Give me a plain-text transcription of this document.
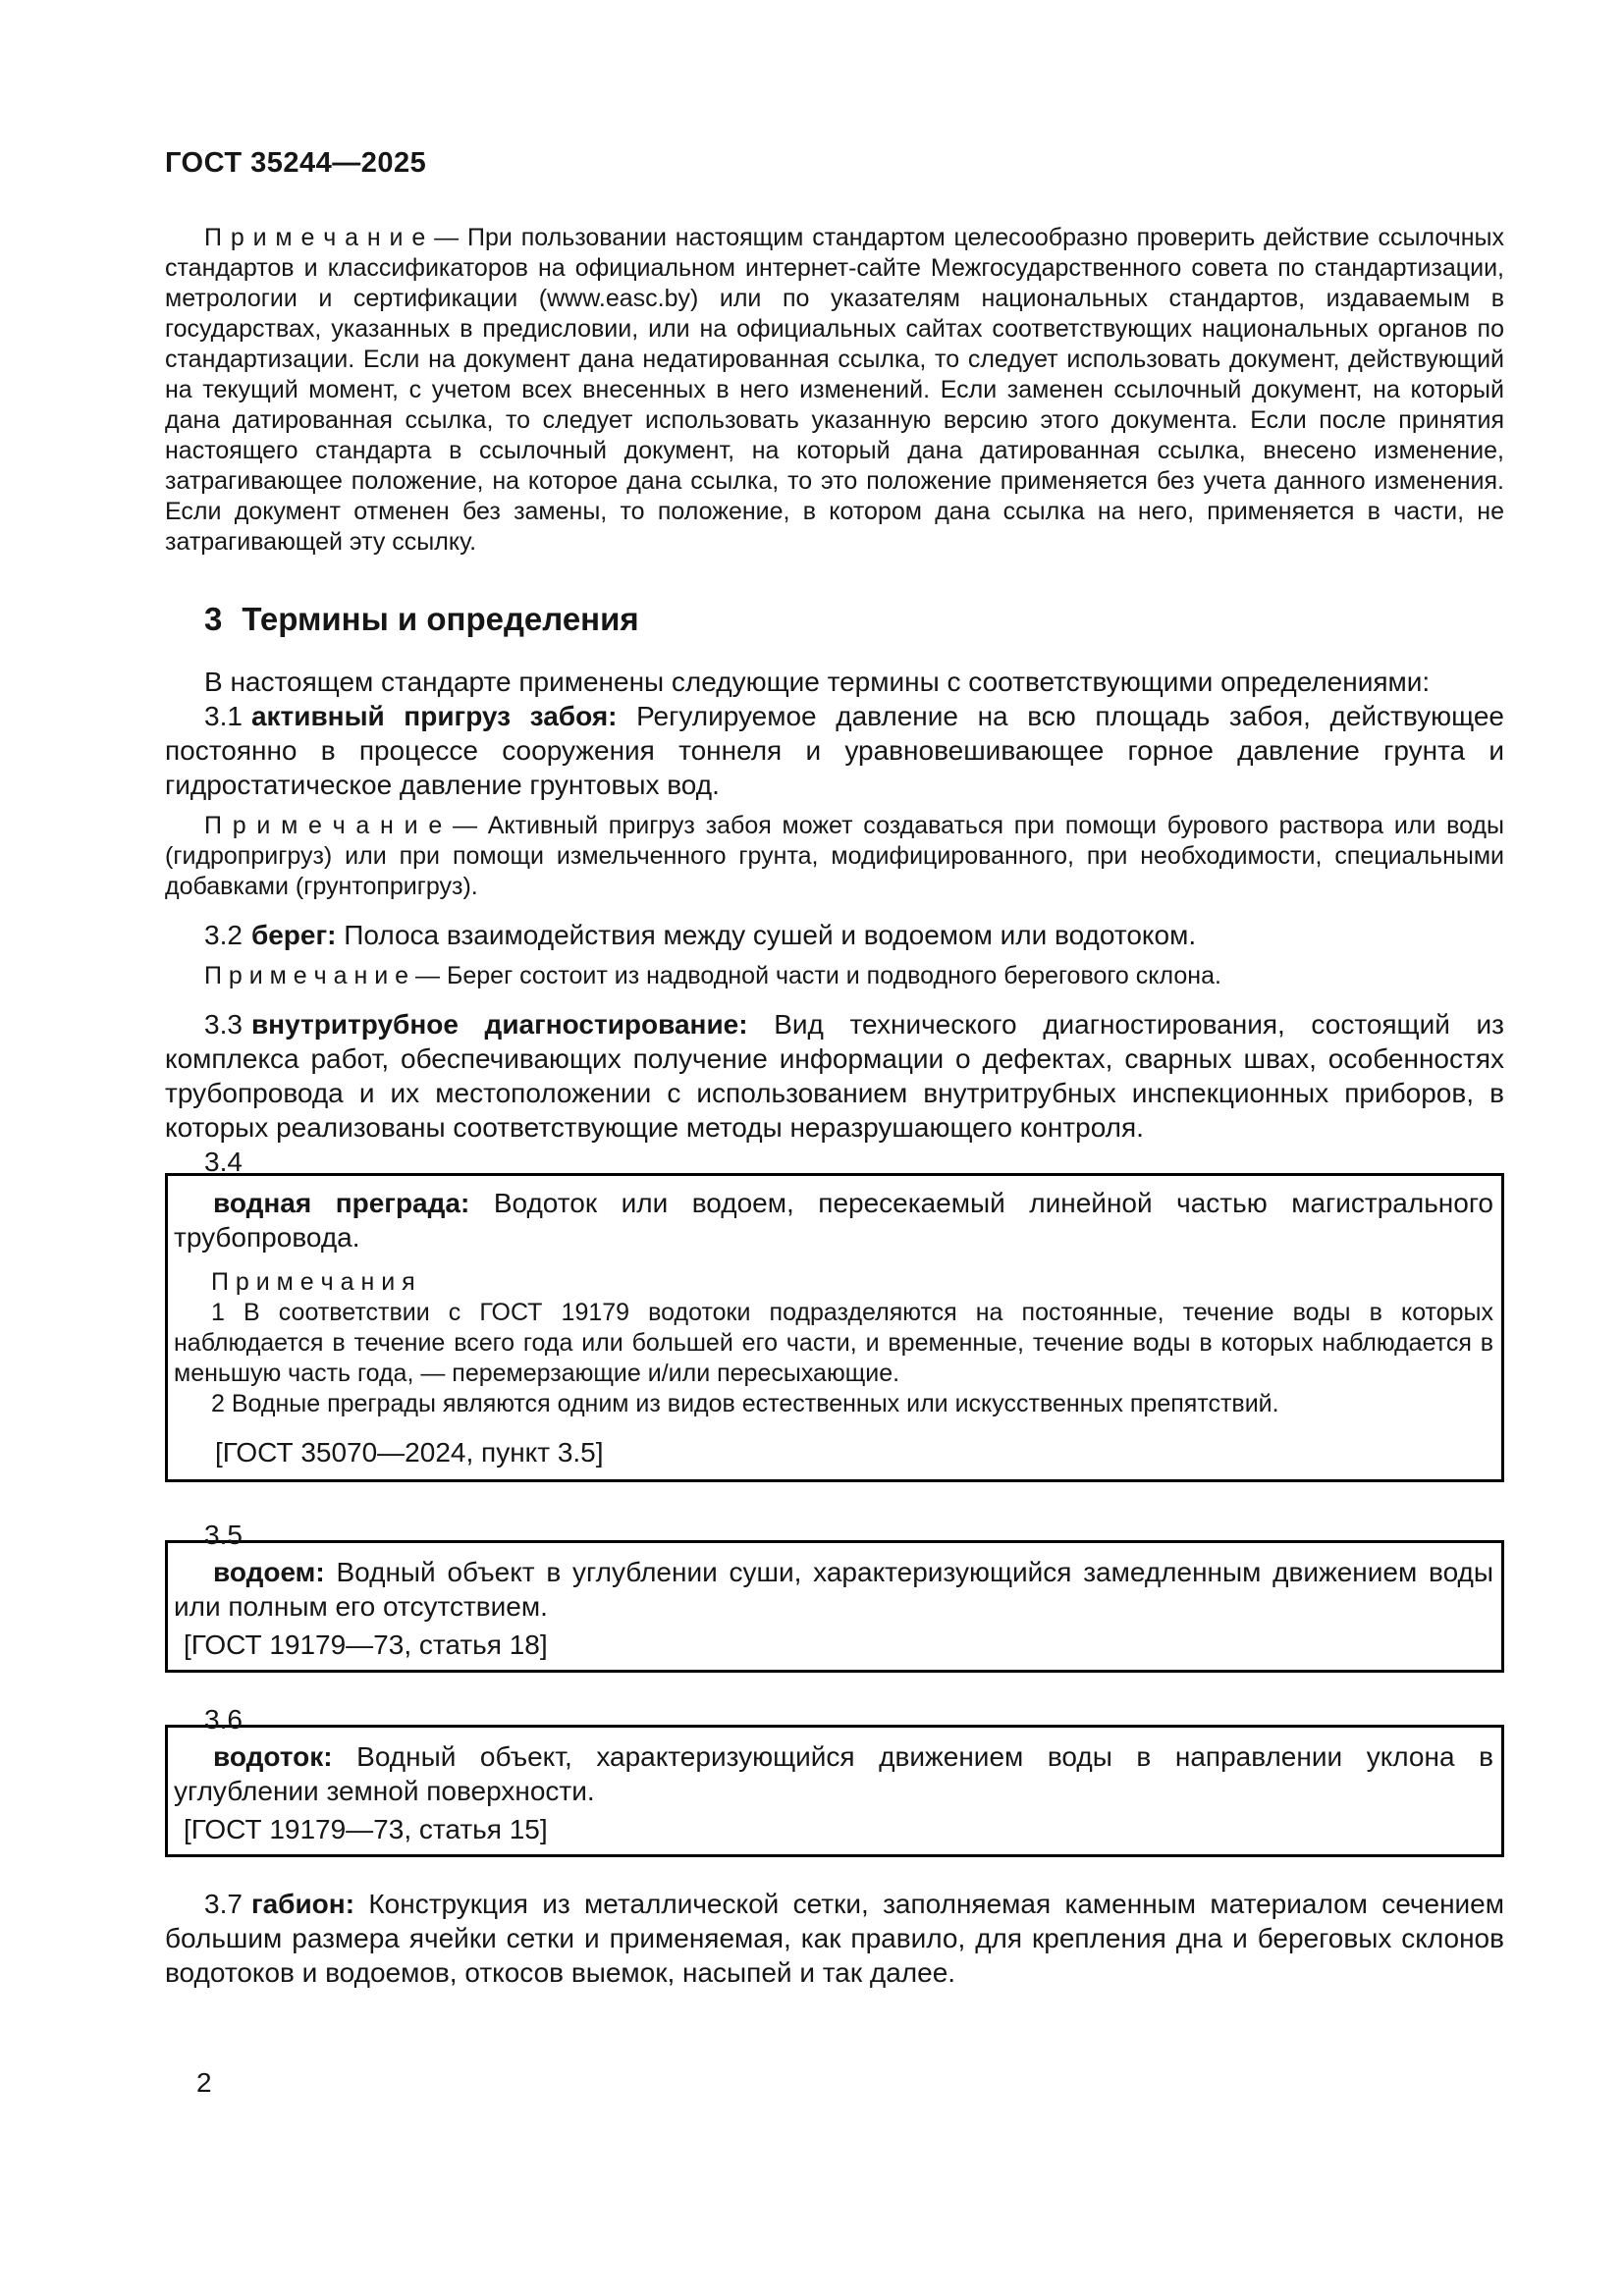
ГОСТ 35244—2025

П р и м е ч а н и е — При пользовании настоящим стандартом целесообразно проверить действие ссылочных стандартов и классификаторов на официальном интернет-сайте Межгосударственного совета по стандартизации, метрологии и сертификации (www.easc.by) или по указателям национальных стандартов, издаваемым в государствах, указанных в предисловии, или на официальных сайтах соответствующих национальных органов по стандартизации. Если на документ дана недатированная ссылка, то следует использовать документ, действующий на текущий момент, с учетом всех внесенных в него изменений. Если заменен ссылочный документ, на который дана датированная ссылка, то следует использовать указанную версию этого документа. Если после принятия настоящего стандарта в ссылочный документ, на который дана датированная ссылка, внесено изменение, затрагивающее положение, на которое дана ссылка, то это положение применяется без учета данного изменения. Если документ отменен без замены, то положение, в котором дана ссылка на него, применяется в части, не затрагивающей эту ссылку.

3 Термины и определения

В настоящем стандарте применены следующие термины с соответствующими определениями:

3.1 активный пригруз забоя: Регулируемое давление на всю площадь забоя, действующее постоянно в процессе сооружения тоннеля и уравновешивающее горное давление грунта и гидростатическое давление грунтовых вод.

П р и м е ч а н и е — Активный пригруз забоя может создаваться при помощи бурового раствора или воды (гидропригруз) или при помощи измельченного грунта, модифицированного, при необходимости, специальными добавками (грунтопригруз).

3.2 берег: Полоса взаимодействия между сушей и водоемом или водотоком.

П р и м е ч а н и е — Берег состоит из надводной части и подводного берегового склона.

3.3 внутритрубное диагностирование: Вид технического диагностирования, состоящий из комплекса работ, обеспечивающих получение информации о дефектах, сварных швах, особенностях трубопровода и их местоположении с использованием внутритрубных инспекционных приборов, в которых реализованы соответствующие методы неразрушающего контроля.

3.4

водная преграда: Водоток или водоем, пересекаемый линейной частью магистрального трубопровода.

П р и м е ч а н и я

1 В соответствии с ГОСТ 19179 водотоки подразделяются на постоянные, течение воды в которых наблюдается в течение всего года или большей его части, и временные, течение воды в которых наблюдается в меньшую часть года, — перемерзающие и/или пересыхающие.

2 Водные преграды являются одним из видов естественных или искусственных препятствий.

[ГОСТ 35070—2024, пункт 3.5]

3.5

водоем: Водный объект в углублении суши, характеризующийся замедленным движением воды или полным его отсутствием.

[ГОСТ 19179—73, статья 18]

3.6

водоток: Водный объект, характеризующийся движением воды в направлении уклона в углублении земной поверхности.

[ГОСТ 19179—73, статья 15]

3.7 габион: Конструкция из металлической сетки, заполняемая каменным материалом сечением большим размера ячейки сетки и применяемая, как правило, для крепления дна и береговых склонов водотоков и водоемов, откосов выемок, насыпей и так далее.

2
